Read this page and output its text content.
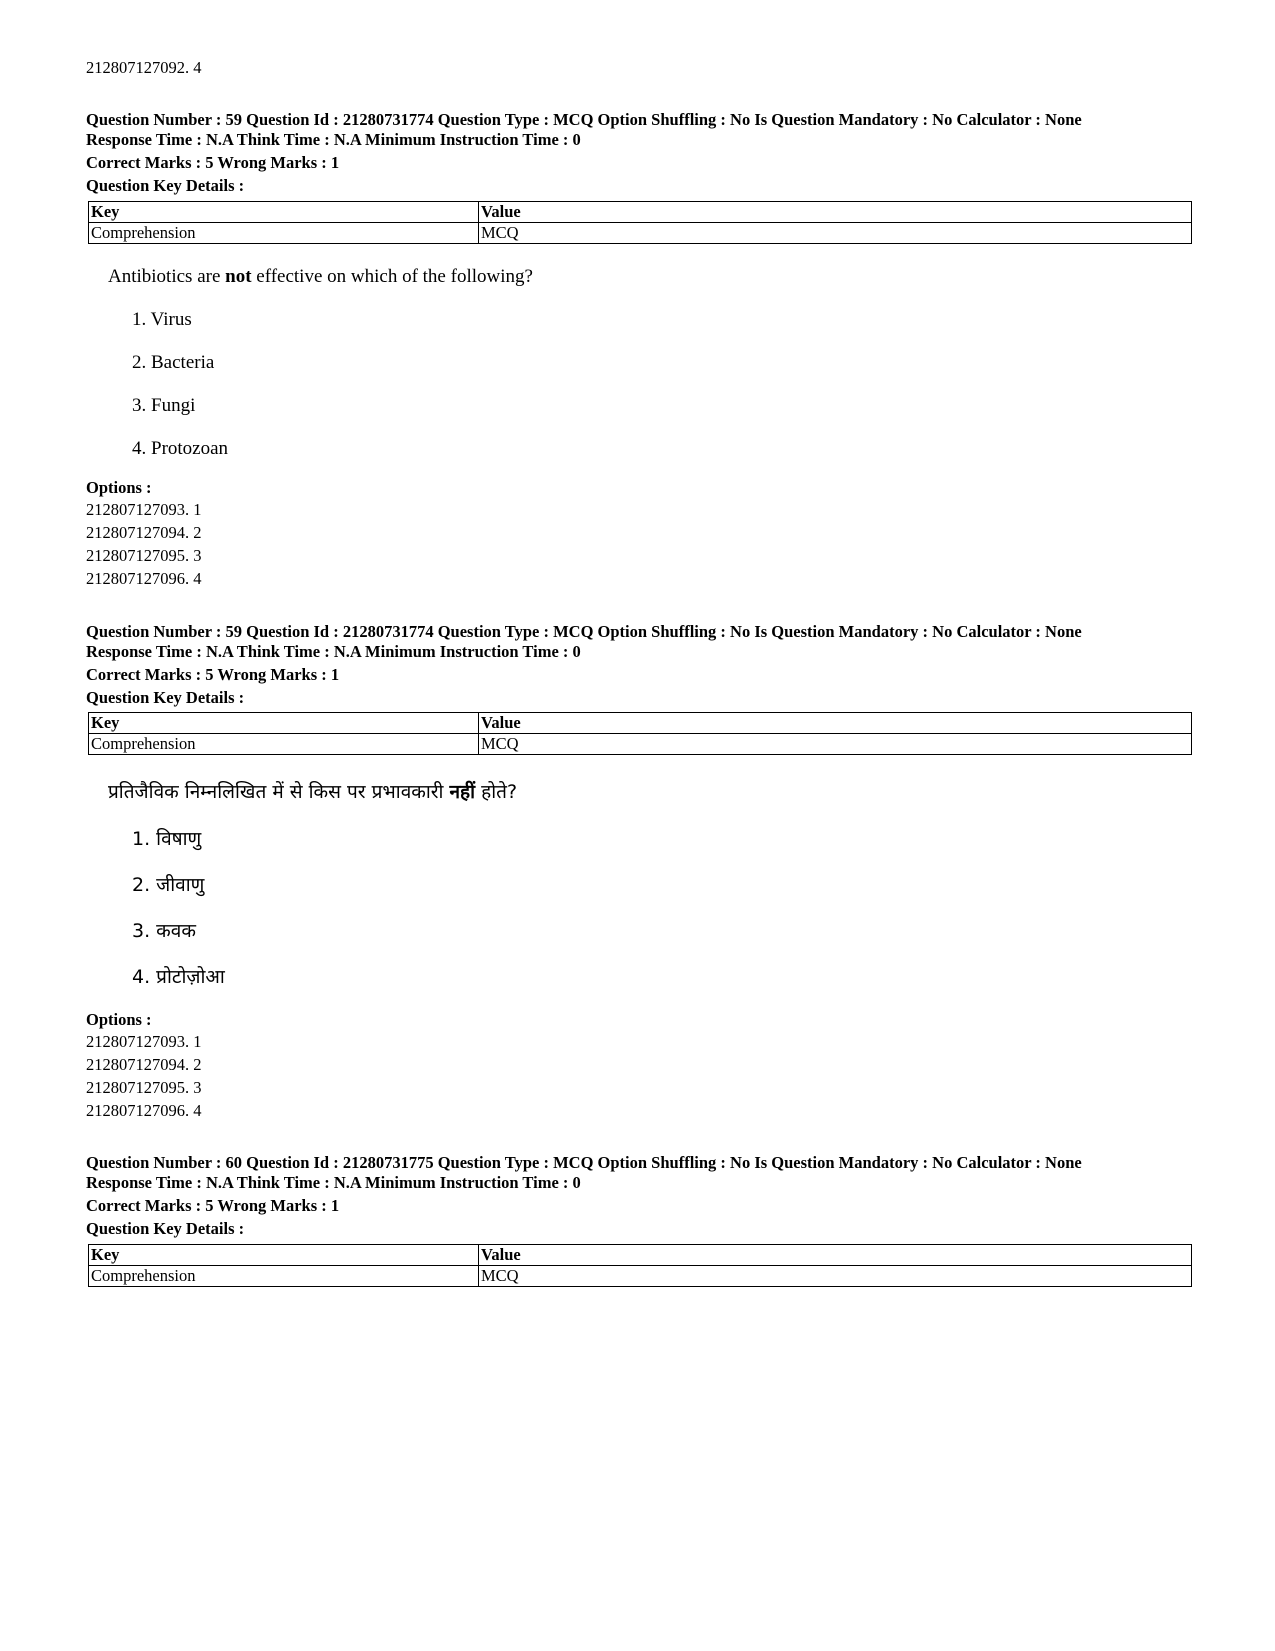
212807127092. 4
Question Number : 59 Question Id : 21280731774 Question Type : MCQ Option Shuffling : No Is Question Mandatory : No Calculator : None
Response Time : N.A Think Time : N.A Minimum Instruction Time : 0
Correct Marks : 5 Wrong Marks : 1
Question Key Details :
Key	Value
Comprehension	MCQ
Antibiotics are not effective on which of the following?
1. Virus
2. Bacteria
3. Fungi
4. Protozoan
Options :
212807127093. 1
212807127094. 2
212807127095. 3
212807127096. 4
Question Number : 59 Question Id : 21280731774 Question Type : MCQ Option Shuffling : No Is Question Mandatory : No Calculator : None
Response Time : N.A Think Time : N.A Minimum Instruction Time : 0
Correct Marks : 5 Wrong Marks : 1
Question Key Details :
Key	Value
Comprehension	MCQ
प्रतिजैविक निम्नलिखित में से किस पर प्रभावकारी नहीं होते?
1. विषाणु
2. जीवाणु
3. कवक
4. प्रोटोज़ोआ
Options :
212807127093. 1
212807127094. 2
212807127095. 3
212807127096. 4
Question Number : 60 Question Id : 21280731775 Question Type : MCQ Option Shuffling : No Is Question Mandatory : No Calculator : None
Response Time : N.A Think Time : N.A Minimum Instruction Time : 0
Correct Marks : 5 Wrong Marks : 1
Question Key Details :
Key	Value
Comprehension	MCQ
